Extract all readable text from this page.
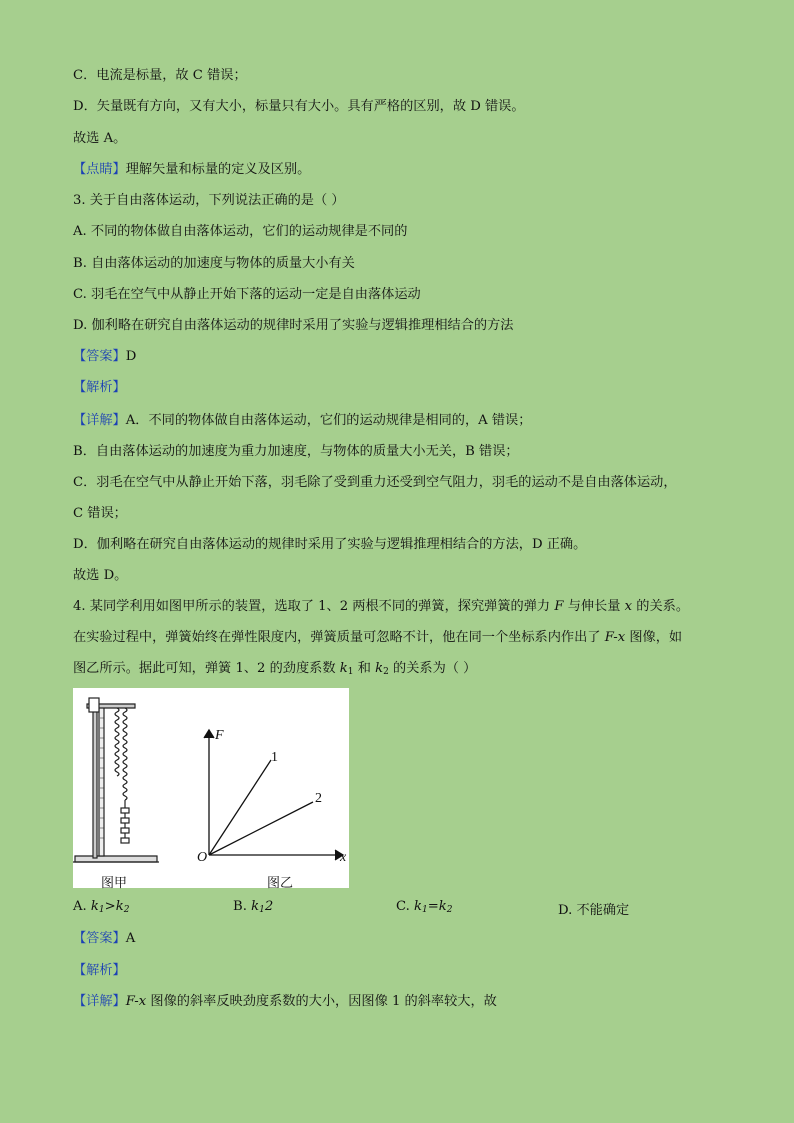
C．电流是标量，故 C 错误；
D．矢量既有方向，又有大小，标量只有大小。具有严格的区别，故 D 错误。
故选 A。
【点睛】理解矢量和标量的定义及区别。
3. 关于自由落体运动，下列说法正确的是（ ）
A. 不同的物体做自由落体运动，它们的运动规律是不同的
B. 自由落体运动的加速度与物体的质量大小有关
C. 羽毛在空气中从静止开始下落的运动一定是自由落体运动
D. 伽利略在研究自由落体运动的规律时采用了实验与逻辑推理相结合的方法
【答案】D
【解析】
【详解】A．不同的物体做自由落体运动，它们的运动规律是相同的，A 错误；
B．自由落体运动的加速度为重力加速度，与物体的质量大小无关，B 错误；
C．羽毛在空气中从静止开始下落，羽毛除了受到重力还受到空气阻力，羽毛的运动不是自由落体运动，
C 错误；
D．伽利略在研究自由落体运动的规律时采用了实验与逻辑推理相结合的方法，D 正确。
故选 D。
4. 某同学利用如图甲所示的装置，选取了 1、2 两根不同的弹簧，探究弹簧的弹力 F 与伸长量 x 的关系。
在实验过程中，弹簧始终在弹性限度内，弹簧质量可忽略不计，他在同一个坐标系内作出了 F-x 图像，如
图乙所示。据此可知，弹簧 1、2 的劲度系数 $k_1$ 和 $k_2$ 的关系为（ ）
F
x
O
1
2
图甲	图乙
A. $k_1>k_2$	B. $k_12$	C. $k_1=k_2$	D. 不能确定
【答案】A
【解析】
【详解】F-x 图像的斜率反映劲度系数的大小，因图像 1 的斜率较大，故
